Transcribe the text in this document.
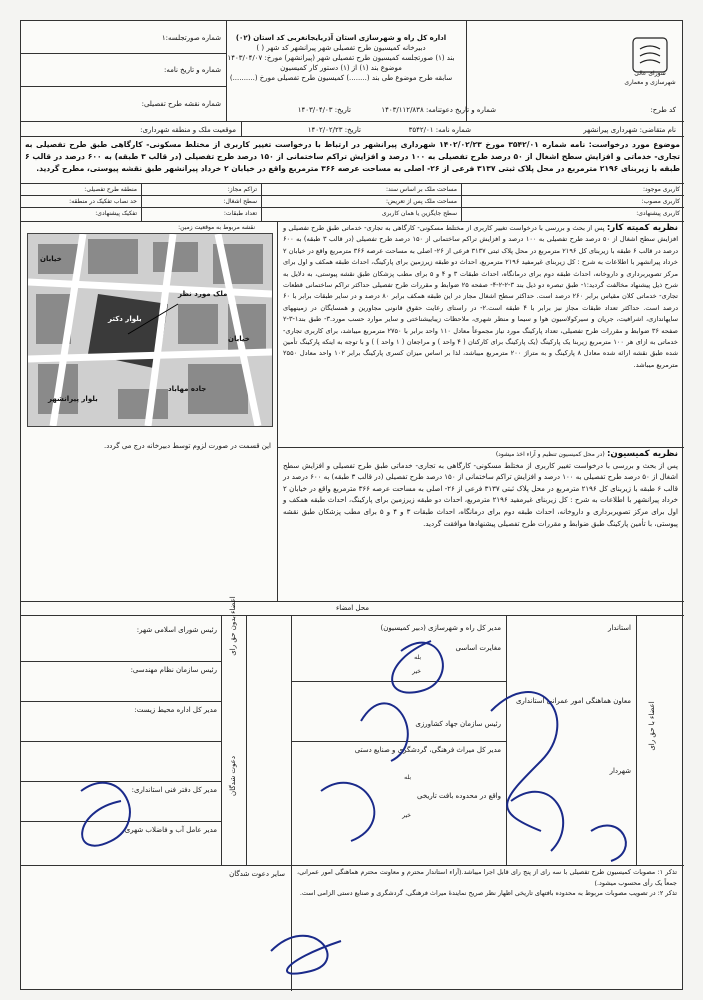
شورای عالی شهرسازی و معماری
اداره کل راه و شهرسازی استان آذربایجانغربی کد استان (۰۲)
دبیرخانه کمیسیون طرح تفصیلی شهر پیرانشهر کد شهر ( )
بند (۱) صورتجلسه کمیسیون طرح تفصیلی شهر (پیرانشهر) مورخ: ۱۴۰۳/۰۴/۰۷
موضوع بند (۱) از (۱) دستور کار کمیسیون
سابقه طرح موضوع طی بند (........) کمیسیون طرح تفصیلی مورخ (..........)
شماره صورتجلسه:۱
شماره و تاریخ نامه:
شماره نقشه طرح تفصیلی:
کد طرح:
شماره و تاریخ دعوتنامه: ۱۴۰۳/۱۱۲/۸۳۸
تاریخ: ۱۴۰۳/۰۴/۰۳
نام متقاضی: شهرداری پیرانشهر
شماره نامه: ۳۵۴۲/۰۱
تاریخ: ۱۴۰۲/۰۲/۲۳
موقعیت ملک و منطقه شهرداری:
موضوع مورد درخواست: نامه شماره ۳۵۴۲/۰۱ مورخ ۱۴۰۲/۰۲/۲۳ شهرداری پیرانشهر در ارتباط با درخواست تغییر کاربری از مختلط مسکونی- کارگاهی طبق طرح تفصیلی به تجاری- خدماتی و افزایش سطح اشغال از ۵۰ درصد طرح تفصیلی به ۱۰۰ درصد و افزایش تراکم ساختمانی از ۱۵۰ درصد طرح تفصیلی (در قالب ۳ طبقه) به ۶۰۰ درصد در قالب ۶ طبقه با زیربنای ۲۱۹۶ مترمربع در محل پلاک ثبتی ۳۱۳۷ فرعی از ۲۶- اصلی به مساحت عرصه ۳۶۶ مترمربع واقع در خیابان ۲ خرداد پیرانشهر طبق نقشه پیوستی، مطرح گردید.
کاربری موجود:
مساحت ملک بر اساس سند:
تراکم مجاز:
منطقه طرح تفصیلی:
کاربری مصوب:
مساحت ملک پس از تعریض:
سطح اشغال:
حد نصاب تفکیک در منطقه:
کاربری پیشنهادی:
سطح جایگزین یا همان کاربری
تعداد طبقات:
تفکیک پیشنهادی:
نقشه مربوط به موقعیت زمین:
بلوار پیرانشهر
خیابان
بلوار دکتر
ملک مورد نظر
جاده مهاباد
خیابان
نظریه کمیته کار: پس از بحث و بررسی با درخواست تغییر کاربری از مختلط مسکونی- کارگاهی به تجاری- خدماتی طبق طرح تفصیلی و افزایش سطح اشغال از ۵۰ درصد طرح تفصیلی به ۱۰۰ درصد و افزایش تراکم ساختمانی از ۱۵۰ درصد طرح تفصیلی (در قالب ۳ طبقه) به ۶۰۰ درصد در قالب ۶ طبقه با زیربنای کل ۲۱۹۶ مترمربع در محل پلاک ثبتی ۳۱۳۷ فرعی از ۲۶- اصلی به مساحت عرصه ۳۶۶ مترمربع واقع در خیابان ۲ خرداد پیرانشهر با اطلاعات به شرح : کل زیربنای غیرمفید ۲۱۹۶ مترمربع، احداث دو طبقه زیرزمین برای پارکینگ، احداث طبقه همکف و اول برای مرکز تصویربرداری و داروخانه، احداث طبقه دوم برای درمانگاه، احداث طبقات ۳ و ۴ و ۵ برای مطب پزشکان طبق نقشه پیوستی، به دلایل به شرح ذیل پیشنهاد مخالفت گردید:۱- طبق تبصره دو ذیل بند ۳-۲-۲-۴- صفحه ۲۵ ضوابط و مقررات طرح تفصیلی حداکثر تراکم ساختمانی قطعات تجاری- خدماتی کلان مقیاس برابر ۲۶۰ درصد است. حداکثر سطح اشغال مجاز در این طبقه همکف برابر ۸۰ درصد و در سایر طبقات برابر با ۶۰ درصد است. حداکثر تعداد طبقات مجاز نیز برابر با ۴ طبقه است.۲- در راستای رعایت حقوق قانونی مجاورین و همسایگان در زمینههای سایهاندازی، اشرافیت، جریان و سیرکولاسیون هوا و سیما و منظر شهری، ملاحظات زیباییشناختی و سایر موارد حسب مورد.۳- طبق بند۱-۳-۲ صفحه ۳۶ ضوابط و مقررات طرح تفصیلی، تعداد پارکینگ مورد نیاز مجموعاً معادل ۱۱۰ واحد برابر با ۲۷۵۰ مترمربع میباشد، برای کاربری تجاری- خدماتی به ازای هر ۱۰۰ مترمربع زیربنا یک پارکینگ (یک پارکینگ برای کارکنان ( ۴ واحد ) و مراجعان ( ۱ واحد ) ) و با توجه به اینکه پارکینگ تأمین شده طبق نقشه ارائه شده معادل ۸ پارکینگ و به متراژ ۲۰۰ مترمربع میباشد، لذا بر اساس میزان کسری پارکینگ برابر ۱۰۲ واحد معادل ۲۵۵۰ مترمربع میباشد.
این قسمت در صورت لزوم توسط دبیرخانه درج می گردد.
نظریه کمیسیون: (در محل کمیسیون تنظیم و آراء اخذ میشود)
پس از بحث و بررسی با درخواست تغییر کاربری از مختلط مسکونی- کارگاهی به تجاری- خدماتی طبق طرح تفصیلی و افزایش سطح اشغال از ۵۰ درصد طرح تفصیلی به ۱۰۰ درصد و افزایش تراکم ساختمانی از ۱۵۰ درصد طرح تفصیلی (در قالب ۳ طبقه) به ۶۰۰ درصد در قالب ۶ طبقه با زیربنای کل ۲۱۹۶ مترمربع در محل پلاک ثبتی ۳۱۳۷ فرعی از ۲۶- اصلی به مساحت عرصه ۳۶۶ مترمربع واقع در خیابان ۲ خرداد پیرانشهر با اطلاعات به شرح : کل زیربنای غیرمفید ۲۱۹۶ مترمربع، احداث دو طبقه زیرزمین برای پارکینگ، احداث طبقه همکف و اول برای مرکز تصویربرداری و داروخانه، احداث طبقه دوم برای درمانگاه، احداث طبقات ۳ و ۴ و ۵ برای مطب پزشکان طبق نقشه پیوستی، با تأمین پارکینگ طبق ضوابط و مقررات طرح تفصیلی پیشنهادها موافقت گردید.
محل امضاء
استاندار
معاون هماهنگی امور عمرانی استانداری
شهردار
اعضاء با حق رای
مدیر کل راه و شهرسازی (دبیر کمیسیون)
مغایرت اساسی
بله
خیر
رئیس سازمان جهاد کشاورزی
مدیر کل میراث فرهنگی، گردشگری و صنایع دستی
بله
واقع در محدوده بافت تاریخی
خیر
اعضاء بدون حق رای
دعوت شدگان
رئیس شورای اسلامی شهر:
رئیس سازمان نظام مهندسی:
مدیر کل اداره محیط زیست:
مدیر کل دفتر فنی استانداری:
مدیر عامل آب و فاضلاب شهری
سایر دعوت شدگان تذکر ۱: مصوبات کمیسیون طرح تفصیلی با سه رای از پنج رای قابل اجرا میباشد.(آراء استاندار محترم و معاونت محترم هماهنگی امور عمرانی، جمعاً یک رأی محسوب میشود.)
تذکر ۲: در تصویب مصوبات مربوط به محدوده بافتهای تاریخی اظهار نظر صریح نمایندۀ میراث فرهنگی، گردشگری و صنایع دستی الزامی است.
